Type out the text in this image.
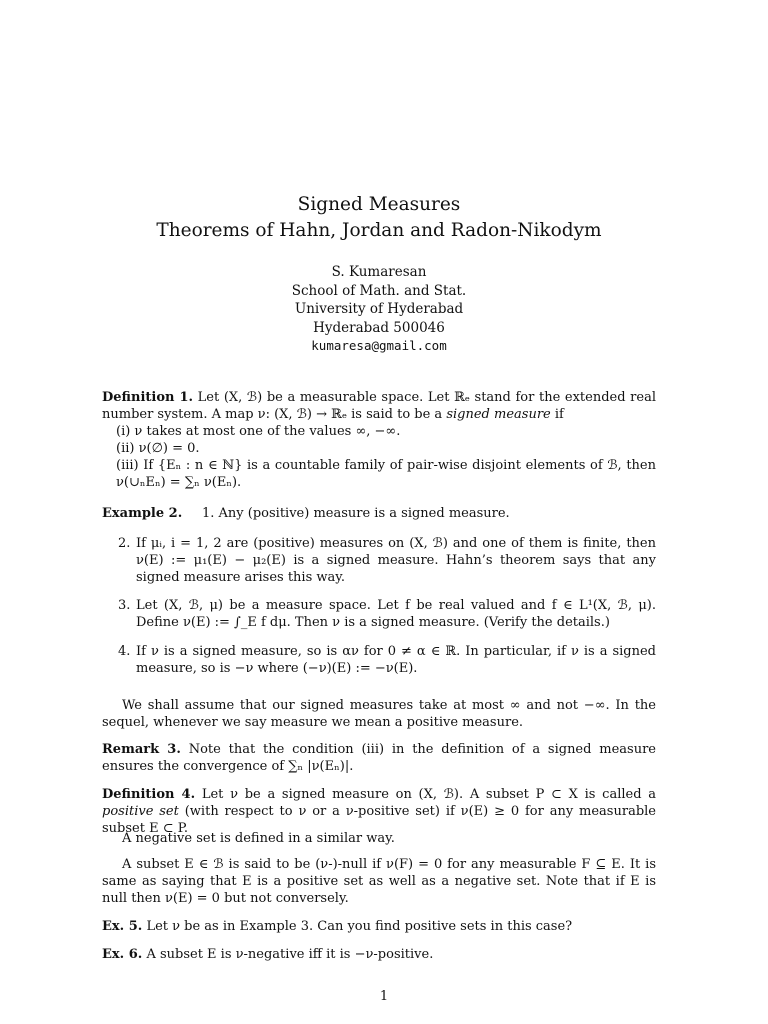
Signed Measures
Theorems of Hahn, Jordan and Radon-Nikodym
S. Kumaresan
School of Math. and Stat.
University of Hyderabad
Hyderabad 500046
kumaresa@gmail.com

Definition 1. Let (X, ℬ) be a measurable space. Let ℝₑ stand for the extended real number system. A map ν: (X, ℬ) → ℝₑ is said to be a signed measure if

(i) ν takes at most one of the values ∞, −∞.

(ii) ν(∅) = 0.

(iii) If {Eₙ : n ∈ ℕ} is a countable family of pair-wise disjoint elements of ℬ, then ν(∪ₙEₙ) = ∑ₙ ν(Eₙ).

Example 2. 1. Any (positive) measure is a signed measure.
2. If μᵢ, i = 1, 2 are (positive) measures on (X, ℬ) and one of them is finite, then ν(E) := μ₁(E) − μ₂(E) is a signed measure. Hahn’s theorem says that any signed measure arises this way.
3. Let (X, ℬ, μ) be a measure space. Let f be real valued and f ∈ L¹(X, ℬ, μ). Define ν(E) := ∫_E f dμ. Then ν is a signed measure. (Verify the details.)
4. If ν is a signed measure, so is αν for 0 ≠ α ∈ ℝ. In particular, if ν is a signed measure, so is −ν where (−ν)(E) := −ν(E).
We shall assume that our signed measures take at most ∞ and not −∞. In the sequel, whenever we say measure we mean a positive measure.
Remark 3. Note that the condition (iii) in the definition of a signed measure ensures the convergence of ∑ₙ |ν(Eₙ)|.
Definition 4. Let ν be a signed measure on (X, ℬ). A subset P ⊂ X is called a positive set (with respect to ν or a ν-positive set) if ν(E) ≥ 0 for any measurable subset E ⊂ P.
A negative set is defined in a similar way.
A subset E ∈ ℬ is said to be (ν-)-null if ν(F) = 0 for any measurable F ⊆ E. It is same as saying that E is a positive set as well as a negative set. Note that if E is null then ν(E) = 0 but not conversely.
Ex. 5. Let ν be as in Example 3. Can you find positive sets in this case?
Ex. 6. A subset E is ν-negative iff it is −ν-positive.
1
